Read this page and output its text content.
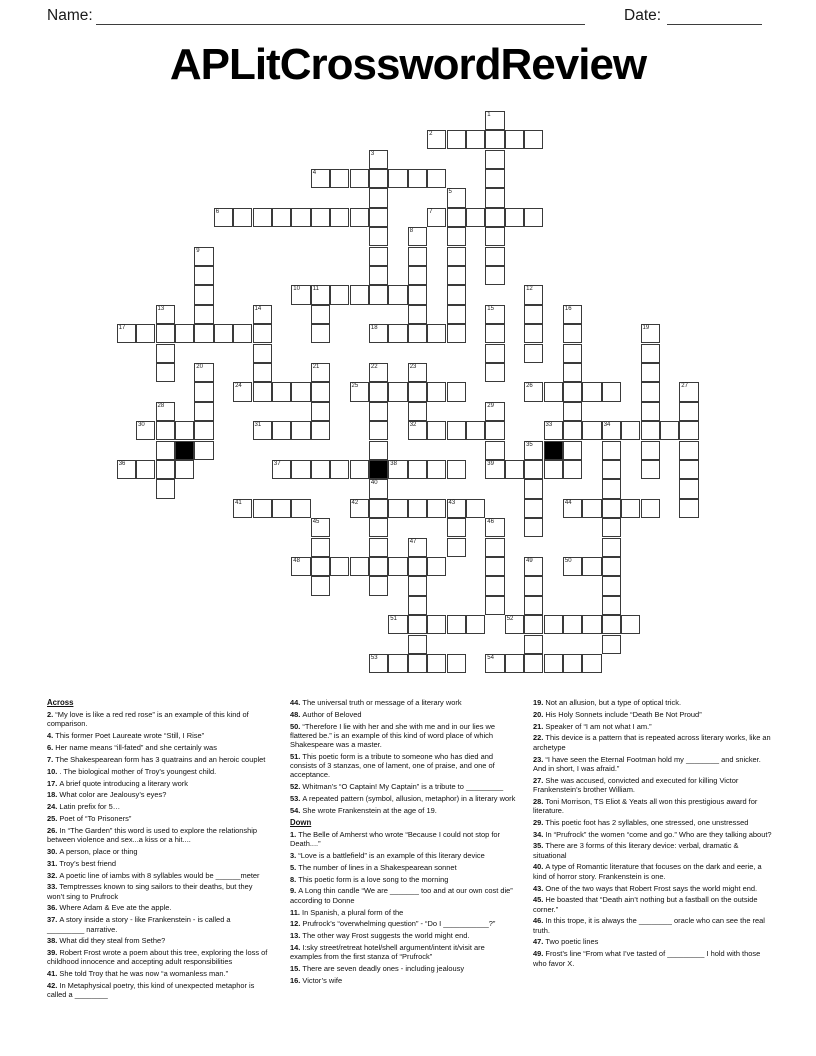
Name:	Date:
APLitCrosswordReview
2
4
6	7
10 11
17	18
24	25	26
30	31	32	33	34
36	37	38	39
41	42	43	44
48	50
51	52
53	54
1
3
5
8
9
12
13	14	15	16
19
20	21	22	23
27
28	29
35
40
45	46
47
49
Across
2. “My love is like a red red rose” is an example of this kind of comparison.
4. This former Poet Laureate wrote “Still, I Rise”
6. Her name means “ill-fated” and she certainly was
7. The Shakespearean form has 3 quatrains and an heroic couplet
10. . The biological mother of Troy’s youngest child.
17. A brief quote introducing a literary work
18. What color are Jealousy’s eyes?
24. Latin prefix for 5…
25. Poet of “To Prisoners”
26. In “The Garden” this word is used to explore the relationship between violence and sex...a kiss or a hit....
30. A person, place or thing
31. Troy’s best friend
32. A poetic line of iambs with 8 syllables would be ______meter
33. Temptresses known to sing sailors to their deaths, but they won’t sing to Prufrock
36. Where Adam & Eve ate the apple.
37. A story inside a story - like Frankenstein - is called a _________ narrative.
38. What did they steal from Sethe?
39. Robert Frost wrote a poem about this tree, exploring the loss of childhood innocence and accepting adult responsibilities
41. She told Troy that he was now “a womanless man.”
42. In Metaphysical poetry, this kind of unexpected metaphor is called a ________
44. The universal truth or message of a literary work
48. Author of Beloved
50. “Therefore I lie with her and she with me and in our lies we flattered be.” is an example of this kind of word place of which Shakespeare was a master.
51. This poetic form is a tribute to someone who has died and consists of 3 stanzas, one of lament, one of praise, and one of acceptance.
52. Whitman’s “O Captain! My Captain” is a tribute to _________
53. A repeated pattern (symbol, allusion, metaphor) in a literary work
54. She wrote Frankenstein at the age of 19.
Down
1. The Belle of Amherst who wrote “Because I could not stop for Death....”
3. “Love is a battlefield” is an example of this literary device
5. The number of lines in a Shakespearean sonnet
8. This poetic form is a love song to the morning
9. A Long thin candle “We are _______ too and at our own cost die” according to Donne
11. In Spanish, a plural form of the
12. Prufrock’s “overwhelming question” - “Do I ___________?”
13. The other way Frost suggests the world might end.
14. I:sky street/retreat hotel/shell argument/intent it/visit are examples from the first stanza of “Prufrock”
15. There are seven deadly ones - including jealousy
16. Victor’s wife
19. Not an allusion, but a type of optical trick.
20. His Holy Sonnets include “Death Be Not Proud”
21. Speaker of “I am not what I am.”
22. This device is a pattern that is repeated across literary works, like an archetype
23. “I have seen the Eternal Footman hold my ________ and snicker. And in short, I was afraid.”
27. She was accused, convicted and executed for killing Victor Frankenstein’s brother William.
28. Toni Morrison, TS Eliot & Yeats all won this prestigious award for literature.
29. This poetic foot has 2 syllables, one stressed, one unstressed
34. In “Prufrock” the women “come and go.” Who are they talking about?
35. There are 3 forms of this literary device: verbal, dramatic & situational
40. A type of Romantic literature that focuses on the dark and eerie, a kind of horror story. Frankenstein is one.
43. One of the two ways that Robert Frost says the world might end.
45. He boasted that “Death ain’t nothing but a fastball on the outside corner.”
46. In this trope, it is always the ________ oracle who can see the real truth.
47. Two poetic lines
49. Frost’s line “From what I’ve tasted of _________ I hold with those who favor X.
